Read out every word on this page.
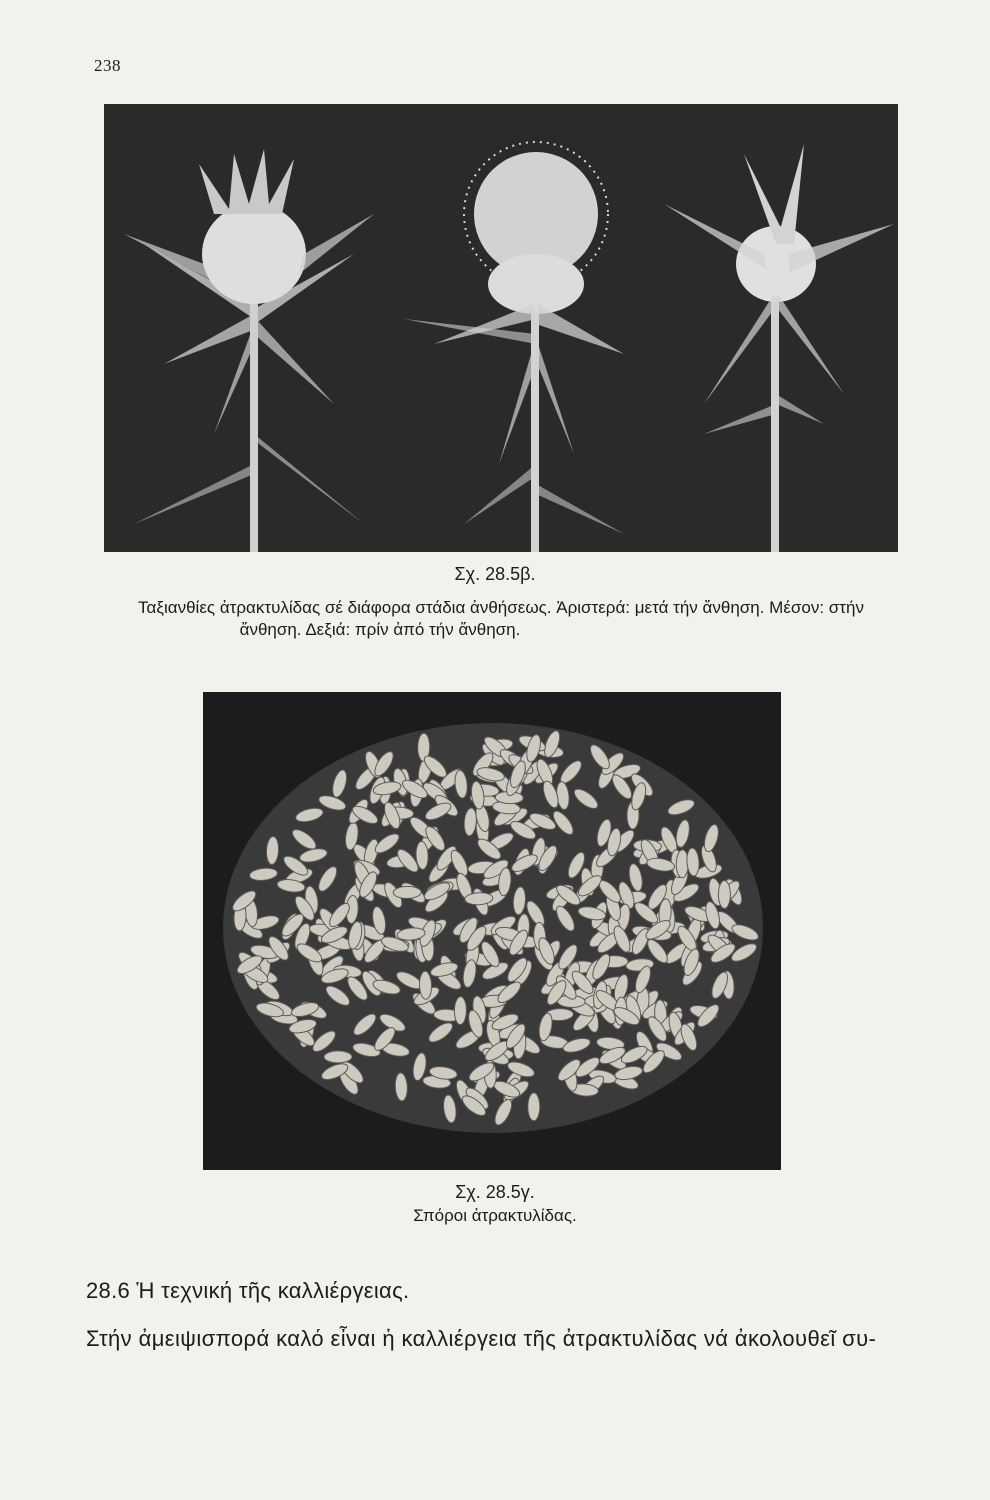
238
Σχ. 28.5β.
Ταξιανθίες ἀτρακτυλίδας σέ διάφορα στάδια ἀνθήσεως. Ἀριστερά: μετά τήν ἄνθηση. Μέσον: στήν
ἄνθηση. Δεξιά: πρίν ἀπό τήν ἄνθηση.
Σχ. 28.5γ.
Σπόροι ἀτρακτυλίδας.
28.6 Ἡ τεχνική τῆς καλλιέργειας.
Στήν ἀμειψισπορά καλό εἶναι ἡ καλλιέργεια τῆς ἀτρακτυλίδας νά ἀκολουθεῖ συ-
